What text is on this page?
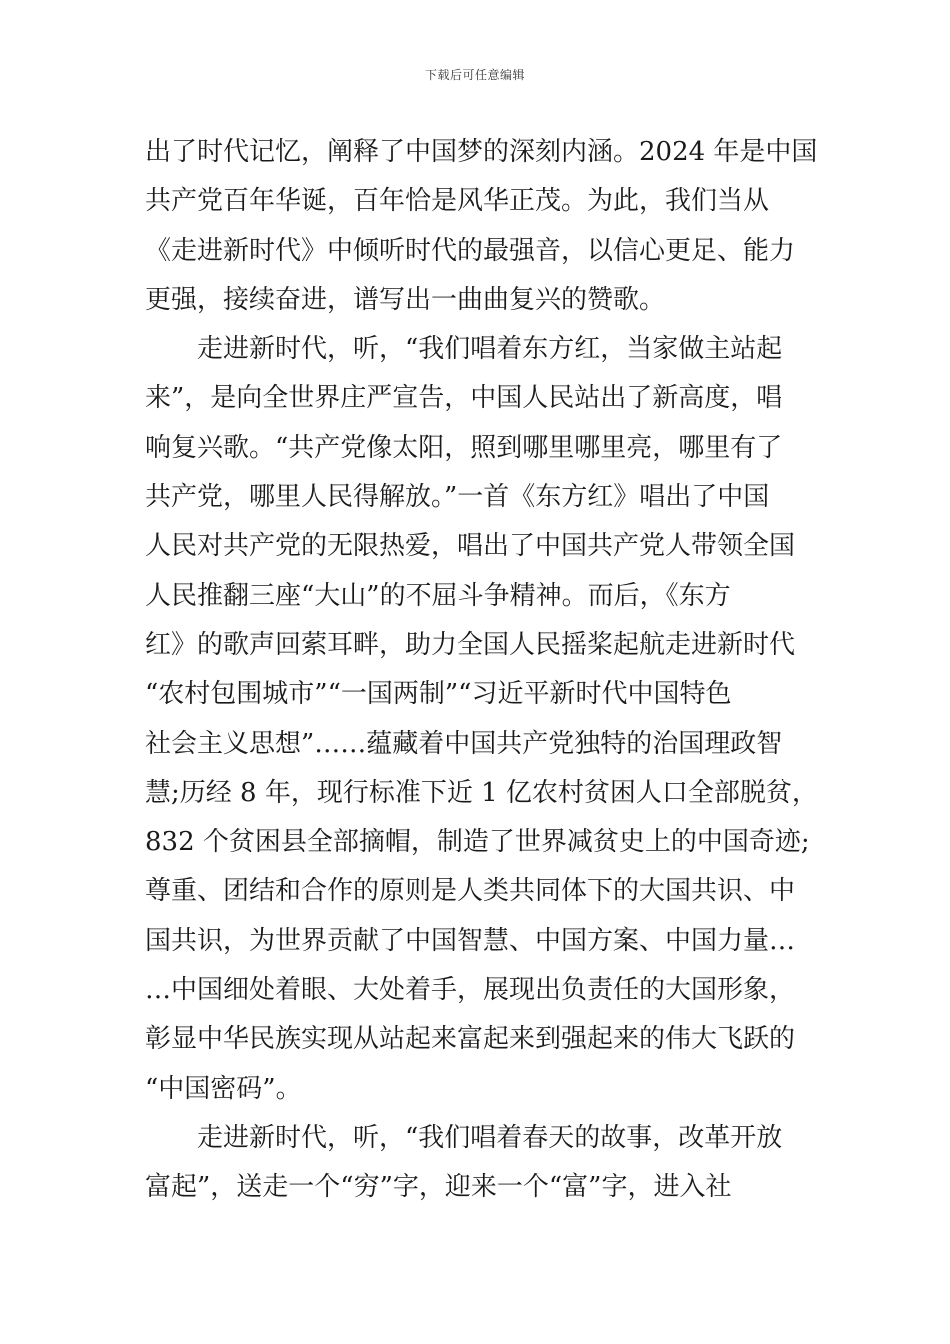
下载后可任意编辑

出了时代记忆，阐释了中国梦的深刻内涵。2024 年是中国
共产党百年华诞，百年恰是风华正茂。为此，我们当从
《走进新时代》中倾听时代的最强音，以信心更足、能力
更强，接续奋进，谱写出一曲曲复兴的赞歌。

走进新时代，听，“我们唱着东方红，当家做主站起
来”，是向全世界庄严宣告，中国人民站出了新高度，唱
响复兴歌。“共产党像太阳，照到哪里哪里亮，哪里有了
共产党，哪里人民得解放。”一首《东方红》唱出了中国
人民对共产党的无限热爱，唱出了中国共产党人带领全国
人民推翻三座“大山”的不屈斗争精神。而后，《东方
红》的歌声回萦耳畔，助力全国人民摇桨起航走进新时代
“农村包围城市”“一国两制”“习近平新时代中国特色
社会主义思想”……蕴藏着中国共产党独特的治国理政智
慧;历经 8 年，现行标准下近 1 亿农村贫困人口全部脱贫，
832 个贫困县全部摘帽，制造了世界减贫史上的中国奇迹;
尊重、团结和合作的原则是人类共同体下的大国共识、中
国共识，为世界贡献了中国智慧、中国方案、中国力量…
…中国细处着眼、大处着手，展现出负责任的大国形象，
彰显中华民族实现从站起来富起来到强起来的伟大飞跃的
“中国密码”。

走进新时代，听，“我们唱着春天的故事，改革开放
富起”，送走一个“穷”字，迎来一个“富”字，进入社
